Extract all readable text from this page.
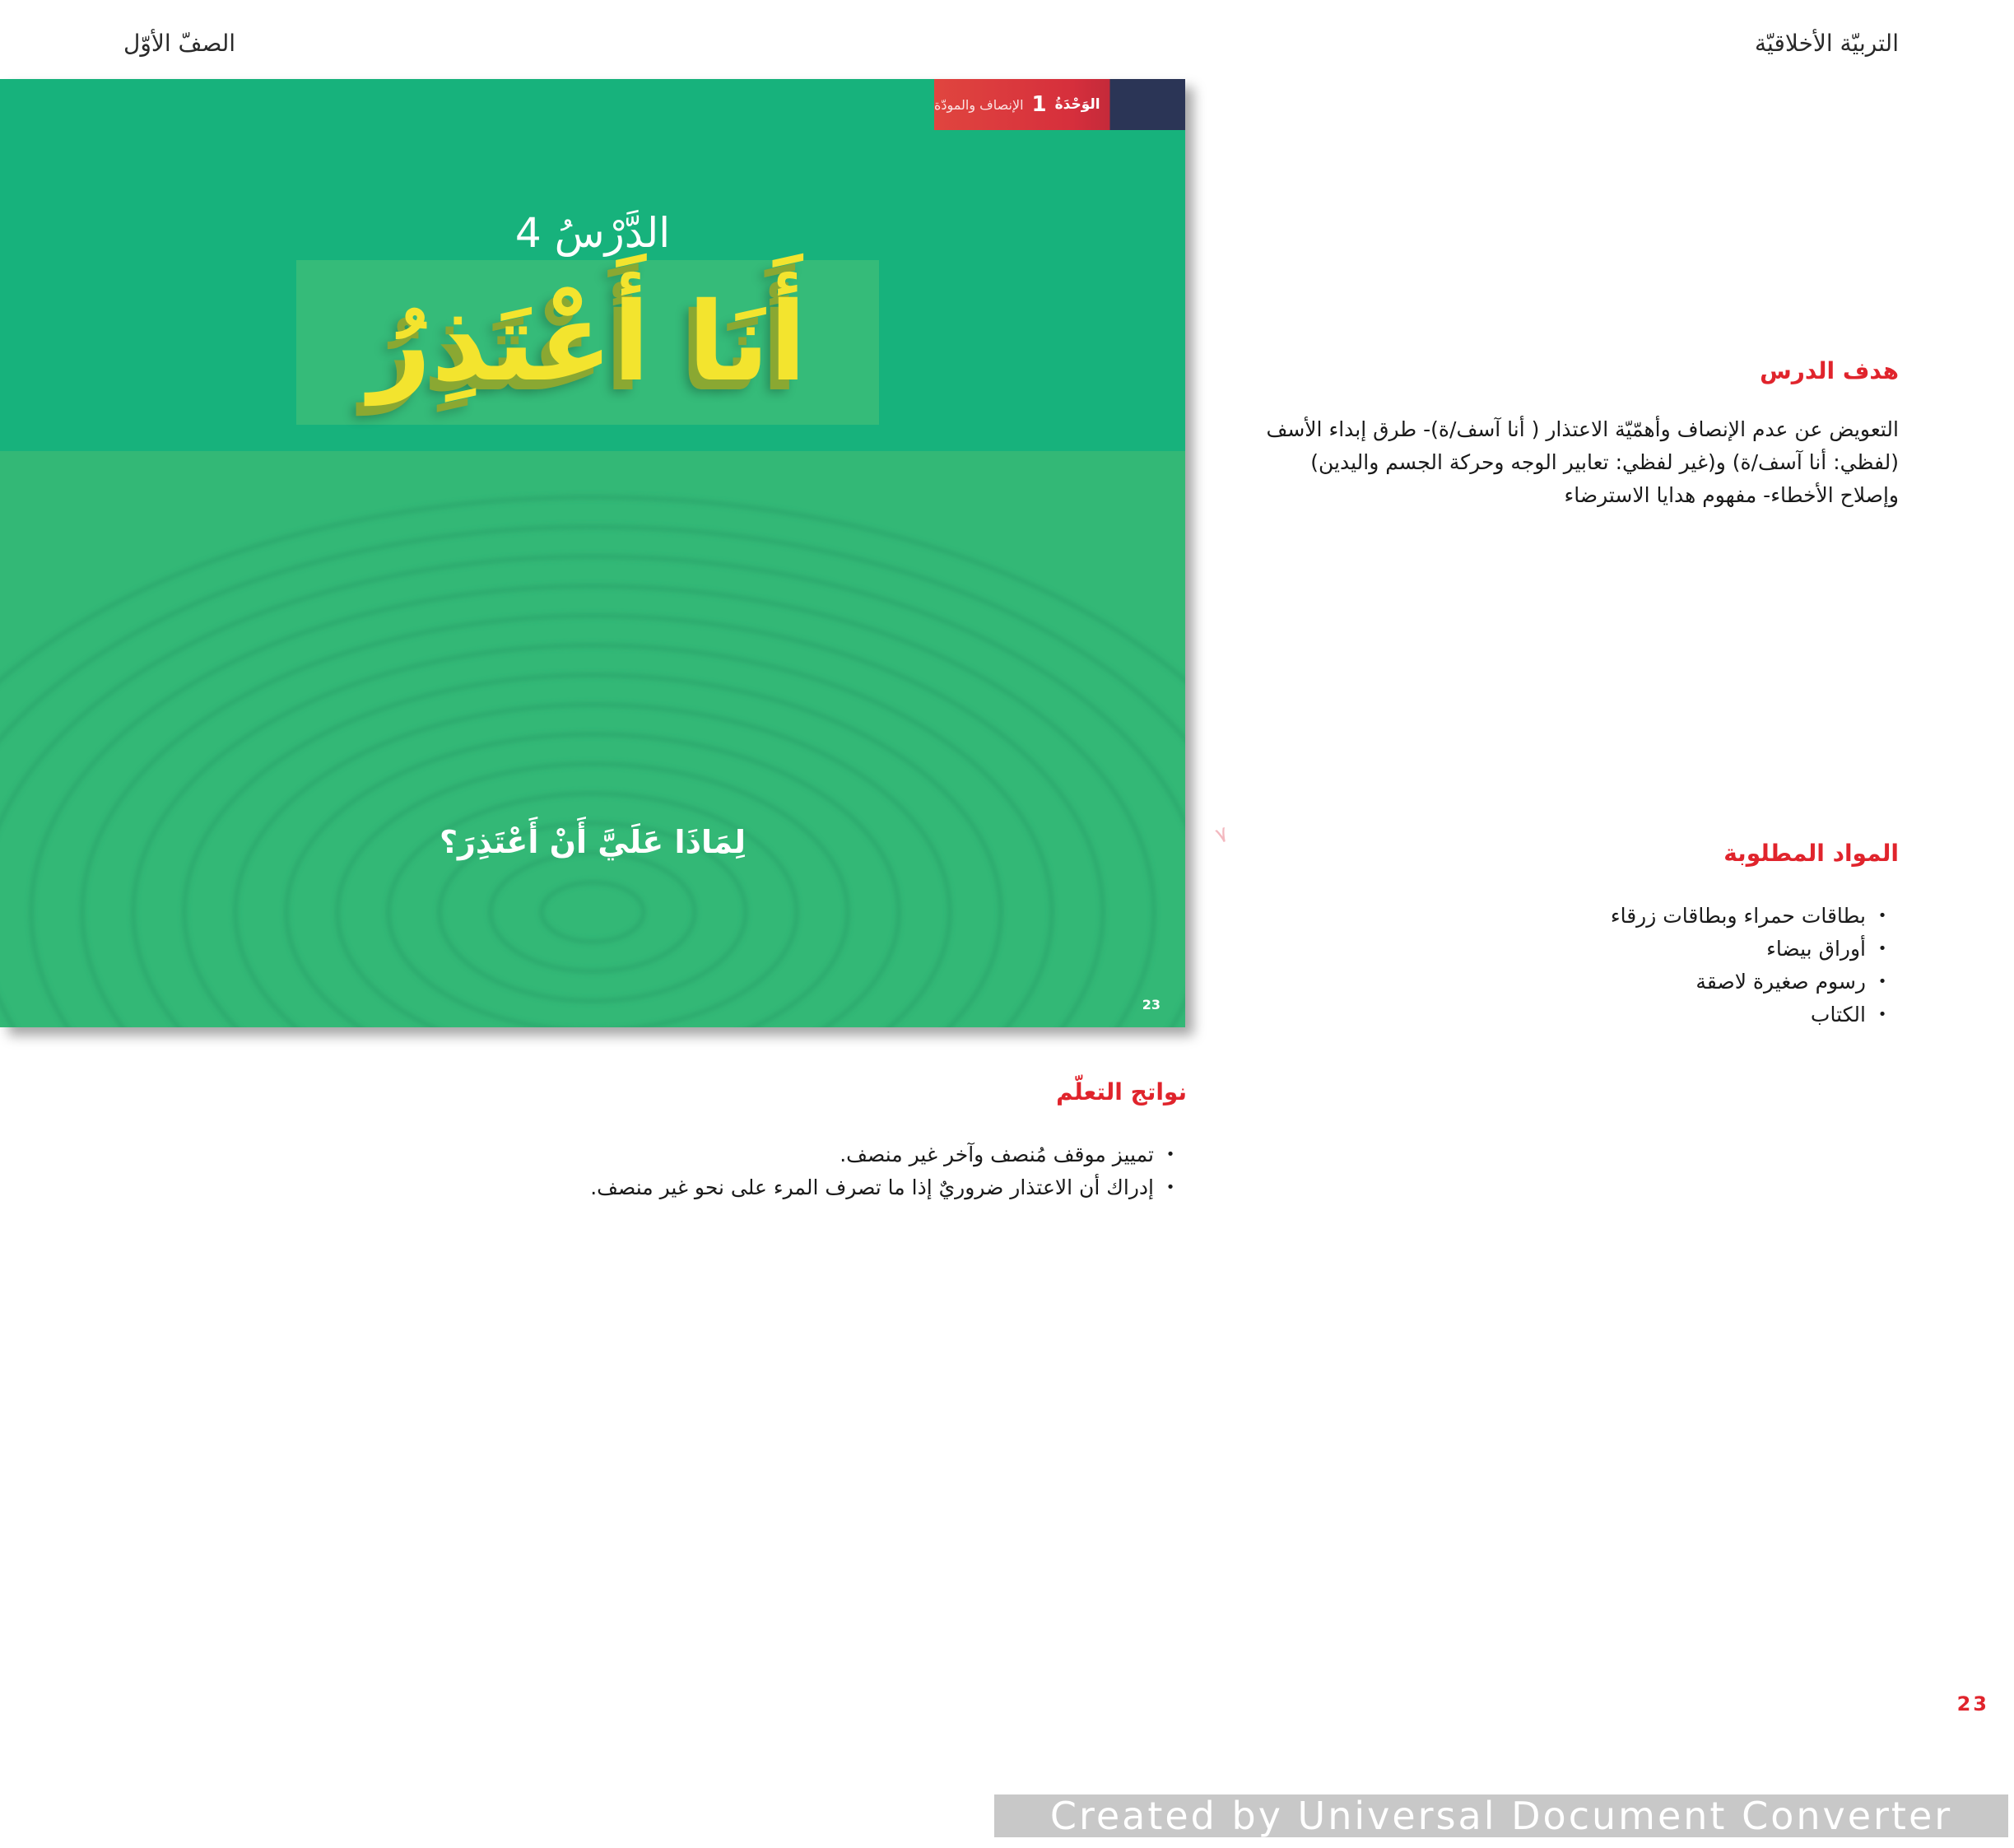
التربيّة الأخلاقيّة
الصفّ الأوّل
الوَحْدَةُ
1
الإنصاف والمودّة
الدَّرْسُ 4
أَنَا أَعْتَذِرُ
لِمَاذَا عَلَيَّ أَنْ أَعْتَذِرَ؟
23
هدف الدرس
التعويض عن عدم الإنصاف وأهمّيّة الاعتذار ( أنا آسف/ة)- طرق إبداء الأسف (لفظي: أنا آسف/ة) و(غير لفظي: تعابير الوجه وحركة الجسم واليدين) وإصلاح الأخطاء- مفهوم هدايا الاسترضاء
٧
المواد المطلوبة
•
بطاقات حمراء وبطاقات زرقاء
•
أوراق بيضاء
•
رسوم صغيرة لاصقة
•
الكتاب
نواتج التعلّم
•
تمييز موقف مُنصف وآخر غير منصف.
•
إدراك أن الاعتذار ضروريٌ إذا ما تصرف المرء على نحو غير منصف.
23
Created by Universal Document Converter
